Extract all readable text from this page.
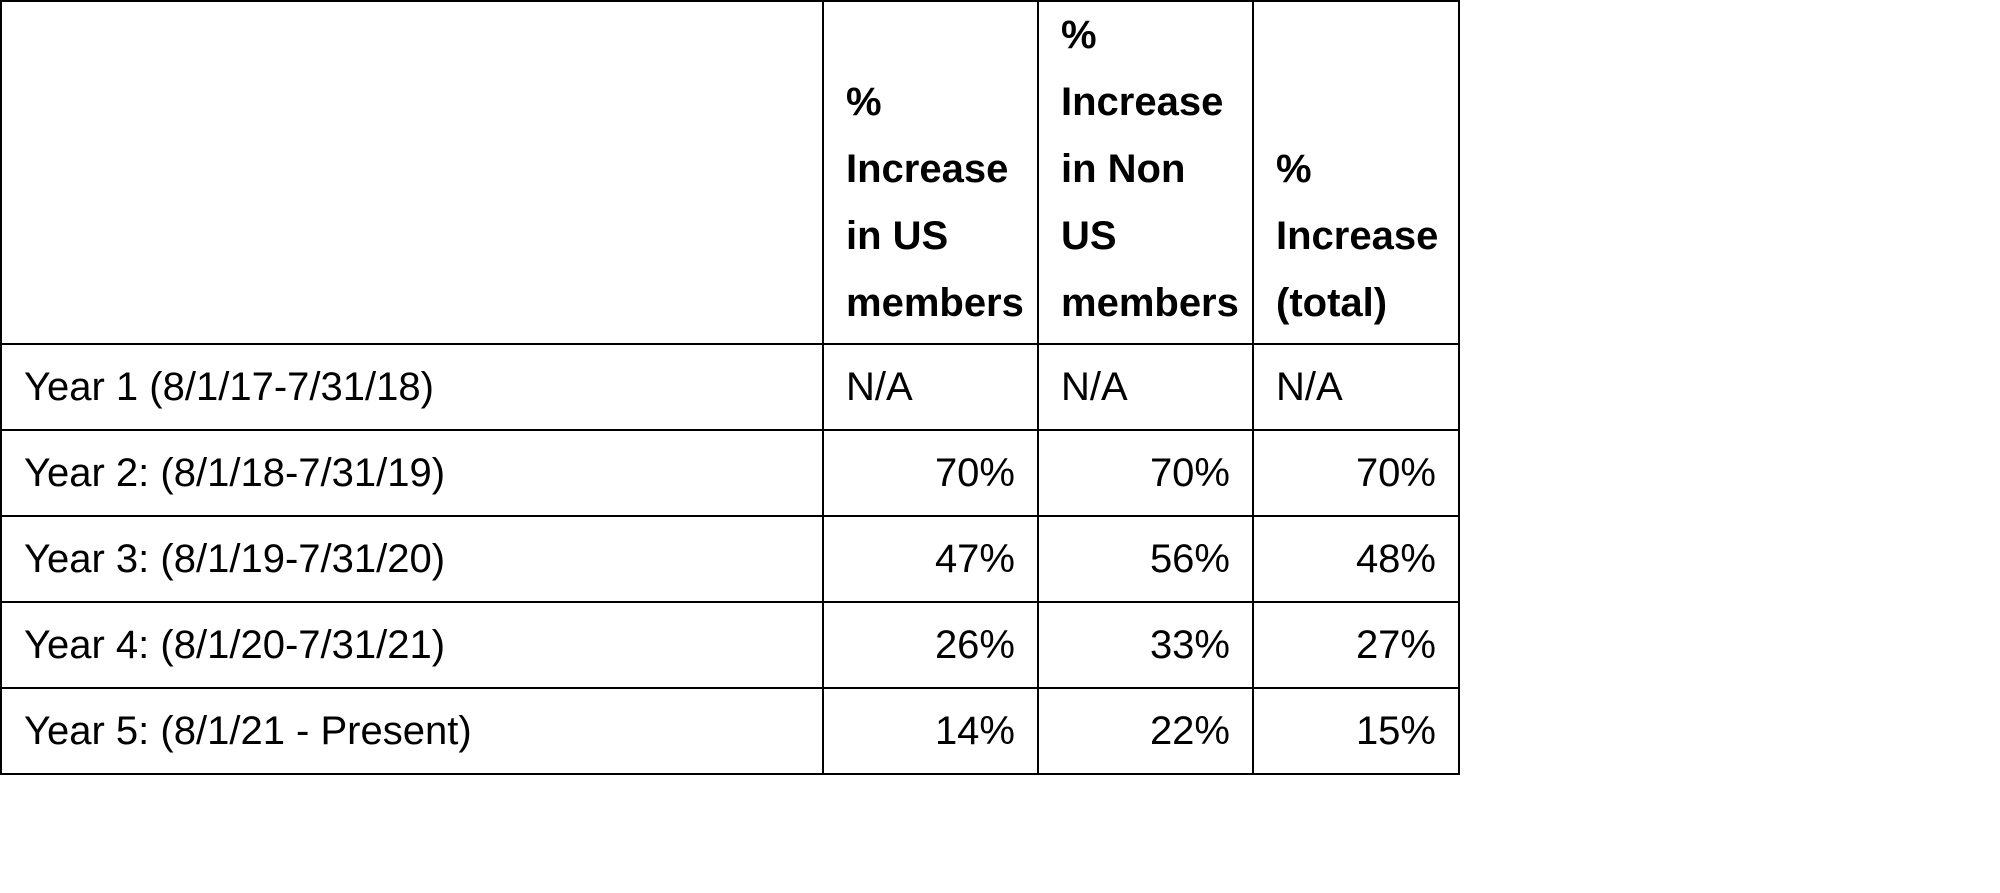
	%
Increase
in US
members	%
Increase
in Non
US
members	%
Increase
(total)

Year 1 (8/1/17-7/31/18)	N/A	N/A	N/A
Year 2: (8/1/18-7/31/19)	70%	70%	70%
Year 3: (8/1/19-7/31/20)	47%	56%	48%
Year 4: (8/1/20-7/31/21)	26%	33%	27%
Year 5: (8/1/21 - Present)	14%	22%	15%
